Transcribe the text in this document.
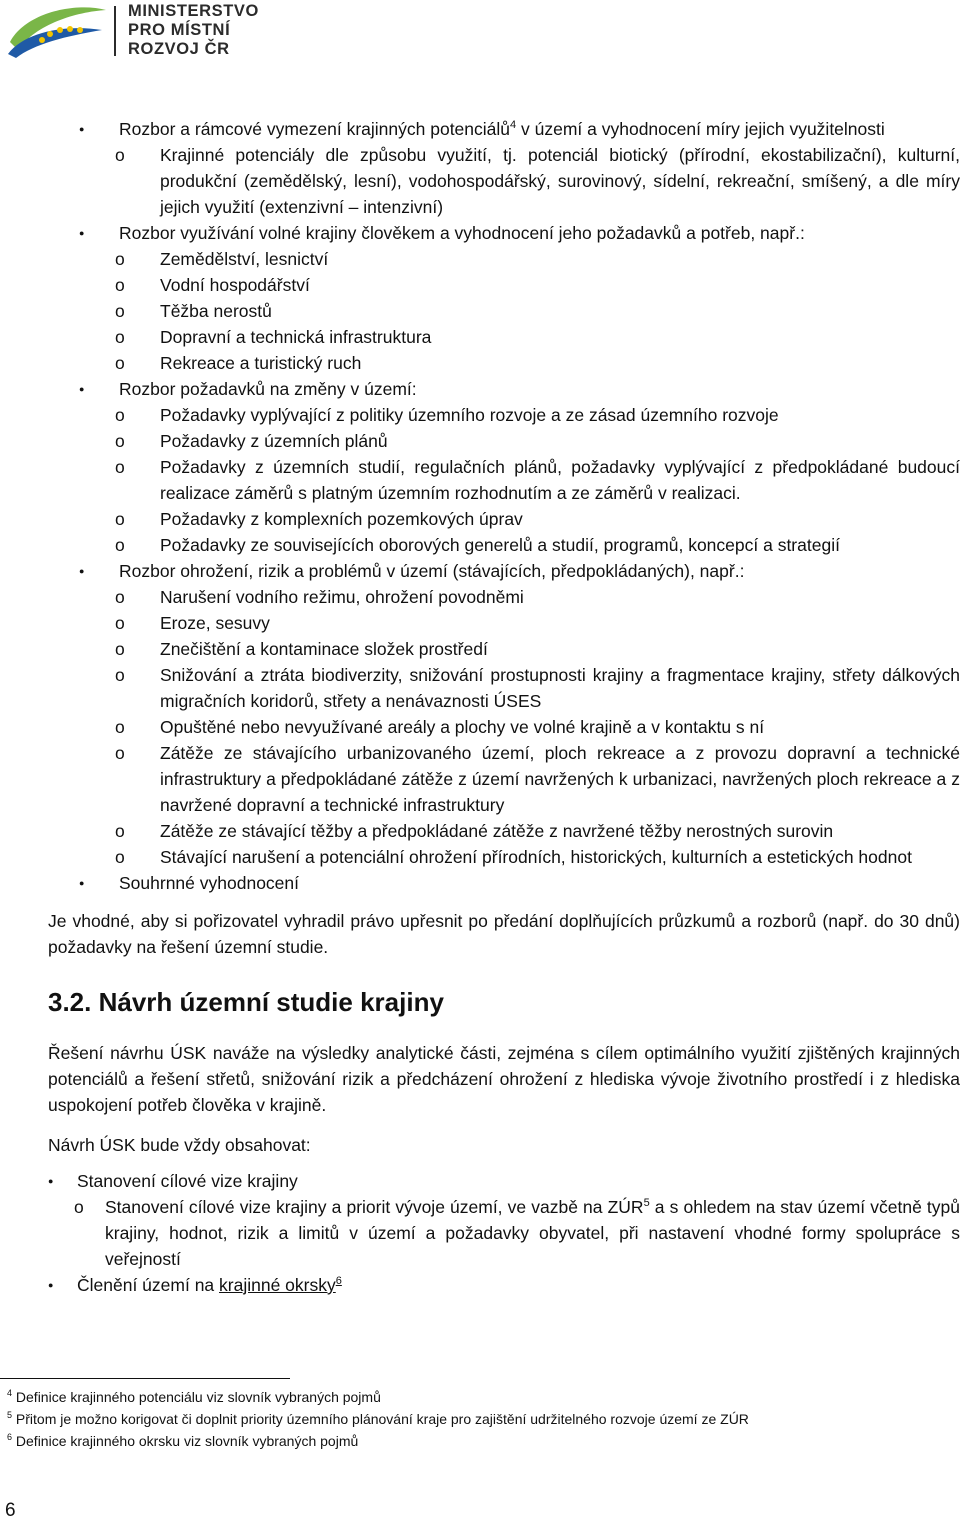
MINISTERSTVO
PRO MÍSTNÍ
ROZVOJ ČR
● Rozbor a rámcové vymezení krajinných potenciálů$^4$ v území a vyhodnocení míry jejich využitelnosti
o Krajinné potenciály dle způsobu využití, tj. potenciál biotický (přírodní, ekostabilizační), kulturní, produkční (zemědělský, lesní), vodohospodářský, surovinový, sídelní, rekreační, smíšený, a dle míry jejich využití (extenzivní – intenzivní)
● Rozbor využívání volné krajiny člověkem a vyhodnocení jeho požadavků a potřeb, např.:
o Zemědělství, lesnictví
o Vodní hospodářství
o Těžba nerostů
o Dopravní a technická infrastruktura
o Rekreace a turistický ruch
● Rozbor požadavků na změny v území:
o Požadavky vyplývající z politiky územního rozvoje a ze zásad územního rozvoje
o Požadavky z územních plánů
o Požadavky z územních studií, regulačních plánů, požadavky vyplývající z předpokládané budoucí realizace záměrů s platným územním rozhodnutím a ze záměrů v realizaci.
o Požadavky z komplexních pozemkových úprav
o Požadavky ze souvisejících oborových generelů a studií, programů, koncepcí a strategií
● Rozbor ohrožení, rizik a problémů v území (stávajících, předpokládaných), např.:
o Narušení vodního režimu, ohrožení povodněmi
o Eroze, sesuvy
o Znečištění a kontaminace složek prostředí
o Snižování a ztráta biodiverzity, snižování prostupnosti krajiny a fragmentace krajiny, střety dálkových migračních koridorů, střety a nenávaznosti ÚSES
o Opuštěné nebo nevyužívané areály a plochy ve volné krajině a v kontaktu s ní
o Zátěže ze stávajícího urbanizovaného území, ploch rekreace a z provozu dopravní a technické infrastruktury a předpokládané zátěže z území navržených k urbanizaci, navržených ploch rekreace a z navržené dopravní a technické infrastruktury
o Zátěže ze stávající těžby a předpokládané zátěže z navržené těžby nerostných surovin
o Stávající narušení a potenciální ohrožení přírodních, historických, kulturních a estetických hodnot
● Souhrnné vyhodnocení

Je vhodné, aby si pořizovatel vyhradil právo upřesnit po předání doplňujících průzkumů a rozborů (např. do 30 dnů) požadavky na řešení územní studie.

3.2. Návrh územní studie krajiny

Řešení návrhu ÚSK naváže na výsledky analytické části, zejména s cílem optimálního využití zjištěných krajinných potenciálů a řešení střetů, snižování rizik a předcházení ohrožení z hlediska vývoje životního prostředí i z hlediska uspokojení potřeb člověka v krajině.

Návrh ÚSK bude vždy obsahovat:

● Stanovení cílové vize krajiny
o Stanovení cílové vize krajiny a priorit vývoje území, ve vazbě na ZÚR$^5$ a s ohledem na stav území včetně typů krajiny, hodnot, rizik a limitů v území a požadavky obyvatel, při nastavení vhodné formy spolupráce s veřejností
● Členění území na krajinné okrsky$^6$
$^4$ Definice krajinného potenciálu viz slovník vybraných pojmů
$^5$ Přitom je možno korigovat či doplnit priority územního plánování kraje pro zajištění udržitelného rozvoje území ze ZÚR
$^6$ Definice krajinného okrsku viz slovník vybraných pojmů
6
